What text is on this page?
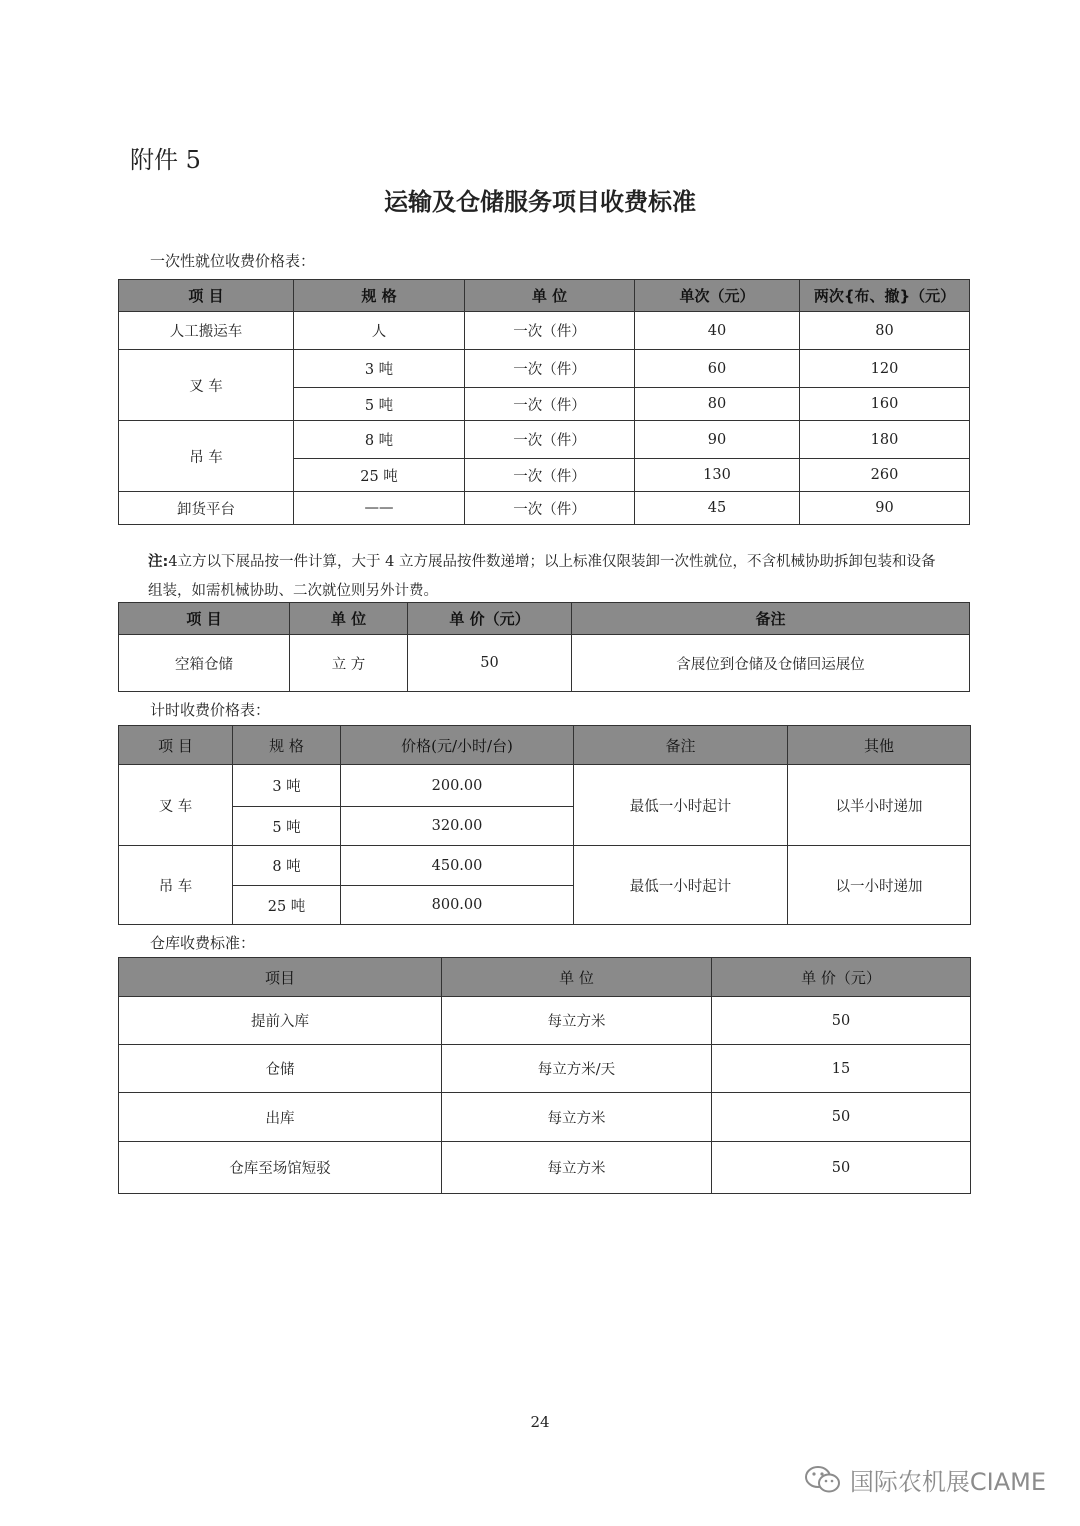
附件 5
运输及仓储服务项目收费标准
一次性就位收费价格表：
项 目	规 格	单 位	单次（元）	两次{布、撤}（元）
人工搬运车	人	一次（件）	40	80
叉 车	3 吨	一次（件）	60	120
	5 吨	一次（件）	80	160
吊 车	8 吨	一次（件）	90	180
	25 吨	一次（件）	130	260
卸货平台	——	一次（件）	45	90
注:4立方以下展品按一件计算，大于 4 立方展品按件数递增；以上标准仅限装卸一次性就位，不含机械协助拆卸包装和设备组装，如需机械协助、二次就位则另外计费。
项 目	单 位	单 价（元）	备注
空箱仓储	立 方	50	含展位到仓储及仓储回运展位
计时收费价格表：
项 目	规 格	价格(元/小时/台)	备注	其他
叉 车	3 吨	200.00	最低一小时起计	以半小时递加
	5 吨	320.00		
吊 车	8 吨	450.00	最低一小时起计	以一小时递加
	25 吨	800.00		
仓库收费标准：
项目	单 位	单 价（元）
提前入库	每立方米	50
仓储	每立方米/天	15
出库	每立方米	50
仓库至场馆短驳	每立方米	50
24
国际农机展CIAME
